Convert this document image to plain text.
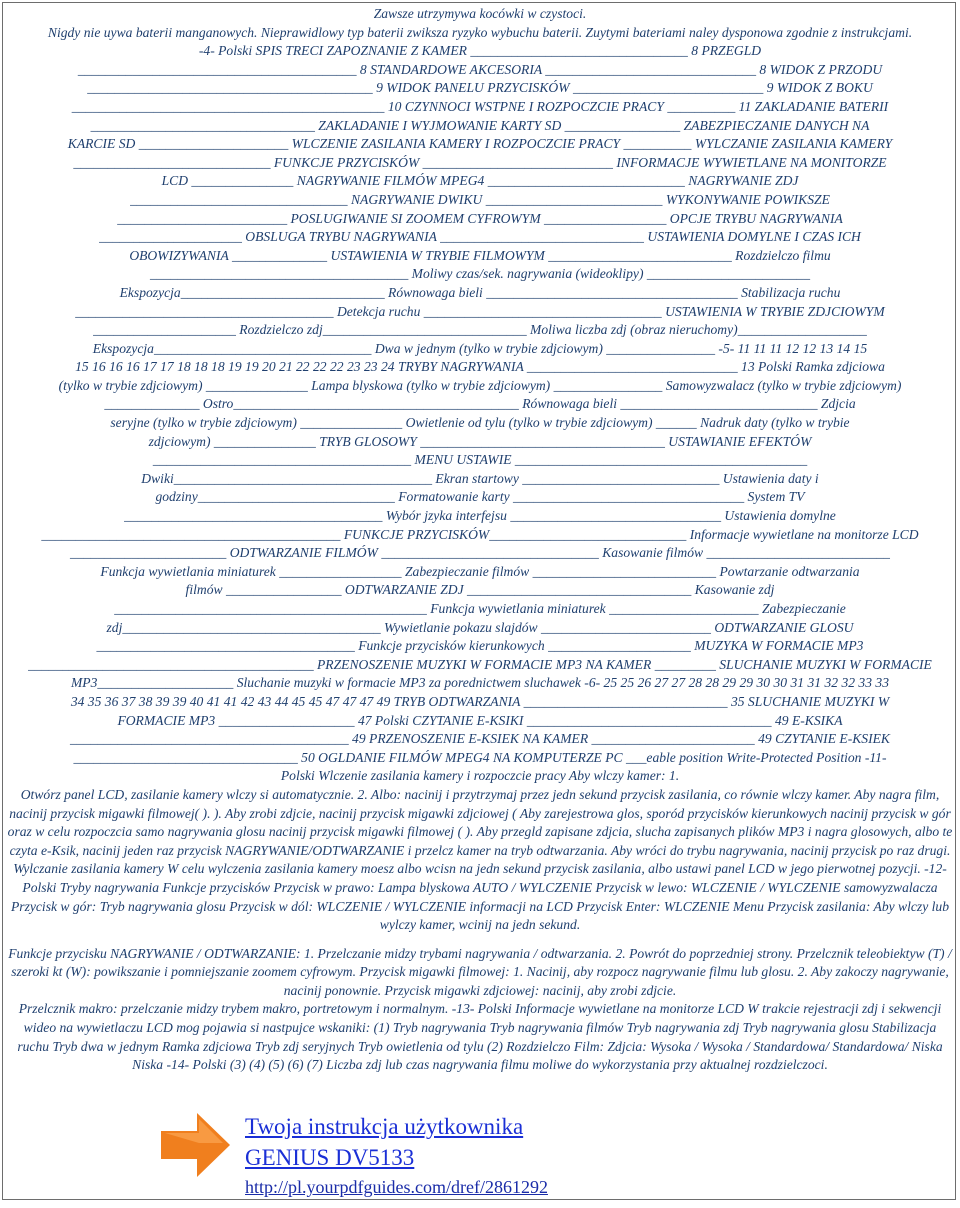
Zawsze utrzymywa kocówki w czystoci.

Nigdy nie uywa baterii manganowych. Nieprawidlowy typ baterii zwiksza ryzyko wybuchu baterii. Zuytymi bateriami naley dysponowa zgodnie z instrukcjami.

-4- Polski SPIS TRECI ZAPOZNANIE Z KAMER ________________________________ 8 PRZEGLD

_________________________________________ 8 STANDARDOWE AKCESORIA _______________________________ 8 WIDOK Z PRZODU

__________________________________________ 9 WIDOK PANELU PRZYCISKÓW ____________________________ 9 WIDOK Z BOKU

______________________________________________ 10 CZYNNOCI WSTPNE I ROZPOCZCIE PRACY __________ 11 ZAKLADANIE BATERII

_________________________________ ZAKLADANIE I WYJMOWANIE KARTY SD _________________ ZABEZPIECZANIE DANYCH NA

KARCIE SD ______________________ WLCZENIE ZASILANIA KAMERY I ROZPOCZCIE PRACY __________ WYLCZANIE ZASILANIA KAMERY

_____________________________ FUNKCJE PRZYCISKÓW ____________________________ INFORMACJE WYWIETLANE NA MONITORZE

LCD _______________ NAGRYWANIE FILMÓW MPEG4 _____________________________ NAGRYWANIE ZDJ

________________________________ NAGRYWANIE DWIKU __________________________ WYKONYWANIE POWIKSZE

_________________________ POSLUGIWANIE SI ZOOMEM CYFROWYM __________________ OPCJE TRYBU NAGRYWANIA

_____________________ OBSLUGA TRYBU NAGRYWANIA ______________________________ USTAWIENIA DOMYLNE I CZAS ICH

OBOWIZYWANIA ______________ USTAWIENIA W TRYBIE FILMOWYM ___________________________ Rozdzielczo filmu

______________________________________ Moliwy czas/sek. nagrywania (wideoklipy) ________________________

Ekspozycja______________________________ Równowaga bieli _____________________________________ Stabilizacja ruchu

______________________________________ Detekcja ruchu ___________________________________ USTAWIENIA W TRYBIE ZDJCIOWYM

_____________________ Rozdzielczo zdj______________________________ Moliwa liczba zdj (obraz nieruchomy)___________________

Ekspozycja________________________________ Dwa w jednym (tylko w trybie zdjciowym) ________________ -5- 11 11 11 12 12 13 14 15

15 16 16 16 17 17 18 18 18 19 19 20 21 22 22 22 23 23 24 TRYBY NAGRYWANIA _______________________________ 13 Polski Ramka zdjciowa

(tylko w trybie zdjciowym) _______________ Lampa blyskowa (tylko w trybie zdjciowym) ________________ Samowyzwalacz (tylko w trybie zdjciowym)

______________ Ostro__________________________________________ Równowaga bieli _____________________________ Zdjcia

seryjne (tylko w trybie zdjciowym) _______________ Owietlenie od tylu (tylko w trybie zdjciowym) ______ Nadruk daty (tylko w trybie

zdjciowym) _______________ TRYB GLOSOWY ____________________________________ USTAWIANIE EFEKTÓW

______________________________________ MENU USTAWIE ___________________________________________

Dwiki______________________________________ Ekran startowy _____________________________ Ustawienia daty i

godziny_____________________________ Formatowanie karty __________________________________ System TV

______________________________________ Wybór jzyka interfejsu _______________________________ Ustawienia domylne

____________________________________________ FUNKCJE PRZYCISKÓW_____________________________ Informacje wywietlane na monitorze LCD

_______________________ ODTWARZANIE FILMÓW ________________________________ Kasowanie filmów ___________________________

Funkcja wywietlania miniaturek __________________ Zabezpieczanie filmów ___________________________ Powtarzanie odtwarzania

filmów _________________ ODTWARZANIE ZDJ _________________________________ Kasowanie zdj

______________________________________________ Funkcja wywietlania miniaturek ______________________ Zabezpieczanie

zdj______________________________________ Wywietlanie pokazu slajdów _________________________ ODTWARZANIE GLOSU

______________________________________ Funkcje przycisków kierunkowych _____________________ MUZYKA W FORMACIE MP3

__________________________________________ PRZENOSZENIE MUZYKI W FORMACIE MP3 NA KAMER _________ SLUCHANIE MUZYKI W FORMACIE

MP3____________________ Sluchanie muzyki w formacie MP3 za porednictwem sluchawek -6- 25 25 26 27 27 28 28 29 29 30 30 31 31 32 32 33 33

34 35 36 37 38 39 39 40 41 41 42 43 44 45 45 47 47 47 49 TRYB ODTWARZANIA ______________________________ 35 SLUCHANIE MUZYKI W

FORMACIE MP3 ____________________ 47 Polski CZYTANIE E-KSIKI ____________________________________ 49 E-KSIKA

_________________________________________ 49 PRZENOSZENIE E-KSIEK NA KAMER ________________________ 49 CZYTANIE E-KSIEK

_________________________________ 50 OGLDANIE FILMÓW MPEG4 NA KOMPUTERZE PC ___eable position Write-Protected Position -11-

Polski Wlczenie zasilania kamery i rozpoczcie pracy Aby wlczy kamer: 1.

Otwórz panel LCD, zasilanie kamery wlczy si automatycznie. 2. Albo: nacinij i przytrzymaj przez jedn sekund przycisk zasilania, co równie wlczy kamer. Aby nagra film, nacinij przycisk migawki filmowej( ). ). Aby zrobi zdjcie, nacinij przycisk migawki zdjciowej ( Aby zarejestrowa glos, sporód przycisków kierunkowych nacinij przycisk w gór oraz w celu rozpoczcia samo nagrywania glosu nacinij przycisk migawki filmowej ( ). Aby przegld zapisane zdjcia, slucha zapisanych plików MP3 i nagra glosowych, albo te czyta e-Ksik, nacinij jeden raz przycisk NAGRYWANIE/ODTWARZANIE i przelcz kamer na tryb odtwarzania. Aby wróci do trybu nagrywania, nacinij przycisk po raz drugi. Wylczanie zasilania kamery W celu wylczenia zasilania kamery moesz albo wcisn na jedn sekund przycisk zasilania, albo ustawi panel LCD w jego pierwotnej pozycji. -12- Polski Tryby nagrywania Funkcje przycisków Przycisk w prawo: Lampa blyskowa AUTO / WYLCZENIE Przycisk w lewo: WLCZENIE / WYLCZENIE samowyzwalacza Przycisk w gór: Tryb nagrywania glosu Przycisk w dól: WLCZENIE / WYLCZENIE informacji na LCD Przycisk Enter: WLCZENIE Menu Przycisk zasilania: Aby wlczy lub wylczy kamer, wcinij na jedn sekund.

Funkcje przycisku NAGRYWANIE / ODTWARZANIE: 1. Przelczanie midzy trybami nagrywania / odtwarzania. 2. Powrót do poprzedniej strony. Przelcznik teleobiektyw (T) / szeroki kt (W): powikszanie i pomniejszanie zoomem cyfrowym. Przycisk migawki filmowej: 1. Nacinij, aby rozpocz nagrywanie filmu lub glosu. 2. Aby zakoczy nagrywanie, nacinij ponownie. Przycisk migawki zdjciowej: nacinij, aby zrobi zdjcie.

Przelcznik makro: przelczanie midzy trybem makro, portretowym i normalnym. -13- Polski Informacje wywietlane na monitorze LCD W trakcie rejestracji zdj i sekwencji wideo na wywietlaczu LCD mog pojawia si nastpujce wskaniki: (1) Tryb nagrywania Tryb nagrywania filmów Tryb nagrywania zdj Tryb nagrywania glosu Stabilizacja ruchu Tryb dwa w jednym Ramka zdjciowa Tryb zdj seryjnych Tryb owietlenia od tylu (2) Rozdzielczo Film: Zdjcia: Wysoka / Wysoka / Standardowa/ Standardowa/ Niska Niska -14- Polski (3) (4) (5) (6) (7) Liczba zdj lub czas nagrywania filmu moliwe do wykorzystania przy aktualnej rozdzielczoci.

Twoja instrukcja użytkownika
GENIUS DV5133
http://pl.yourpdfguides.com/dref/2861292
